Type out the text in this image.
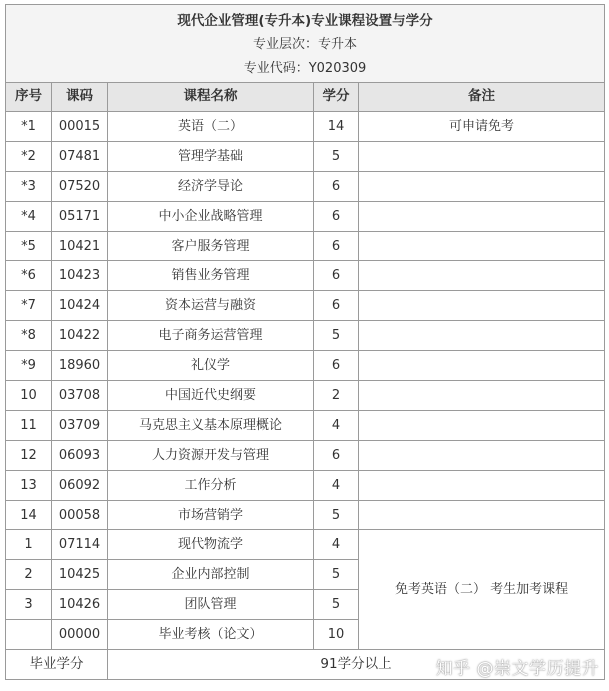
现代企业管理(专升本)专业课程设置与学分				
专业层次：专升本				
专业代码：Y020309				
序号	课码	课程名称	学分	备注
*1	00015	英语（二）	14	可申请免考
*2	07481	管理学基础	5	
*3	07520	经济学导论	6	
*4	05171	中小企业战略管理	6	
*5	10421	客户服务管理	6	
*6	10423	销售业务管理	6	
*7	10424	资本运营与融资	6	
*8	10422	电子商务运营管理	5	
*9	18960	礼仪学	6	
10	03708	中国近代史纲要	2	
11	03709	马克思主义基本原理概论	4	
12	06093	人力资源开发与管理	6	
13	06092	工作分析	4	
14	00058	市场营销学	5	
1	07114	现代物流学	4	免考英语（二） 考生加考课程
2	10425	企业内部控制	5	
3	10426	团队管理	5	
	00000	毕业考核（论文）	10	
毕业学分		91学分以上			知乎 @崇文学历提升
